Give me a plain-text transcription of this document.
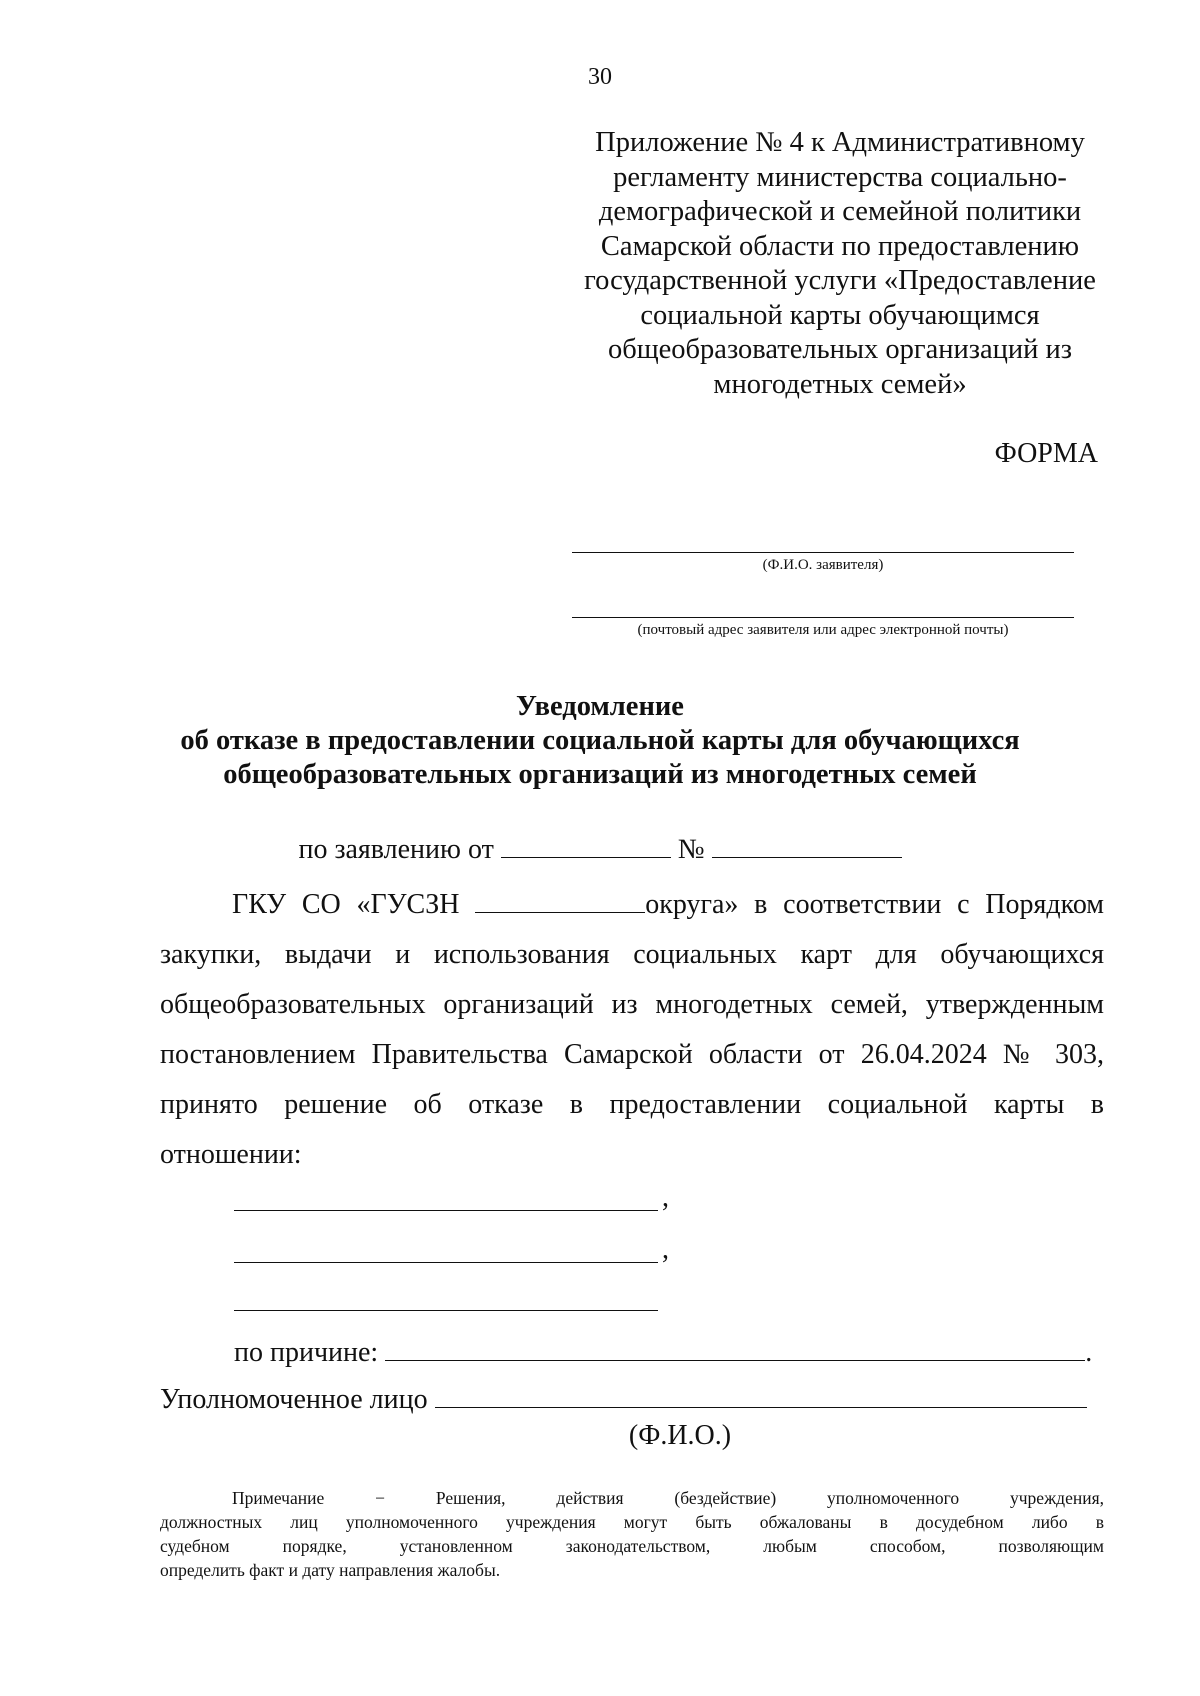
30
Приложение № 4 к Административному
регламенту министерства социально-
демографической и семейной политики
Самарской области по предоставлению
государственной услуги «Предоставление
социальной карты обучающимся
общеобразовательных организаций из
многодетных семей»
ФОРМА
(Ф.И.О. заявителя)
(почтовый адрес заявителя или адрес электронной почты)
Уведомление
об отказе в предоставлении социальной карты для обучающихся
общеобразовательных организаций из многодетных семей
по заявлению от	№
ГКУ СО «ГУСЗН	округа» в соответствии с Порядком
закупки, выдачи и использования социальных карт для обучающихся
общеобразовательных организаций из многодетных семей, утвержденным
постановлением Правительства Самарской области от 26.04.2024 № 303,
принято решение об отказе в предоставлении социальной карты в
отношении:
,
,
по причине:	.
Уполномоченное лицо
(Ф.И.О.)
Примечание − Решения, действия (бездействие) уполномоченного учреждения,
должностных лиц уполномоченного учреждения могут быть обжалованы в досудебном либо в
судебном порядке, установленном законодательством, любым способом, позволяющим
определить факт и дату направления жалобы.
